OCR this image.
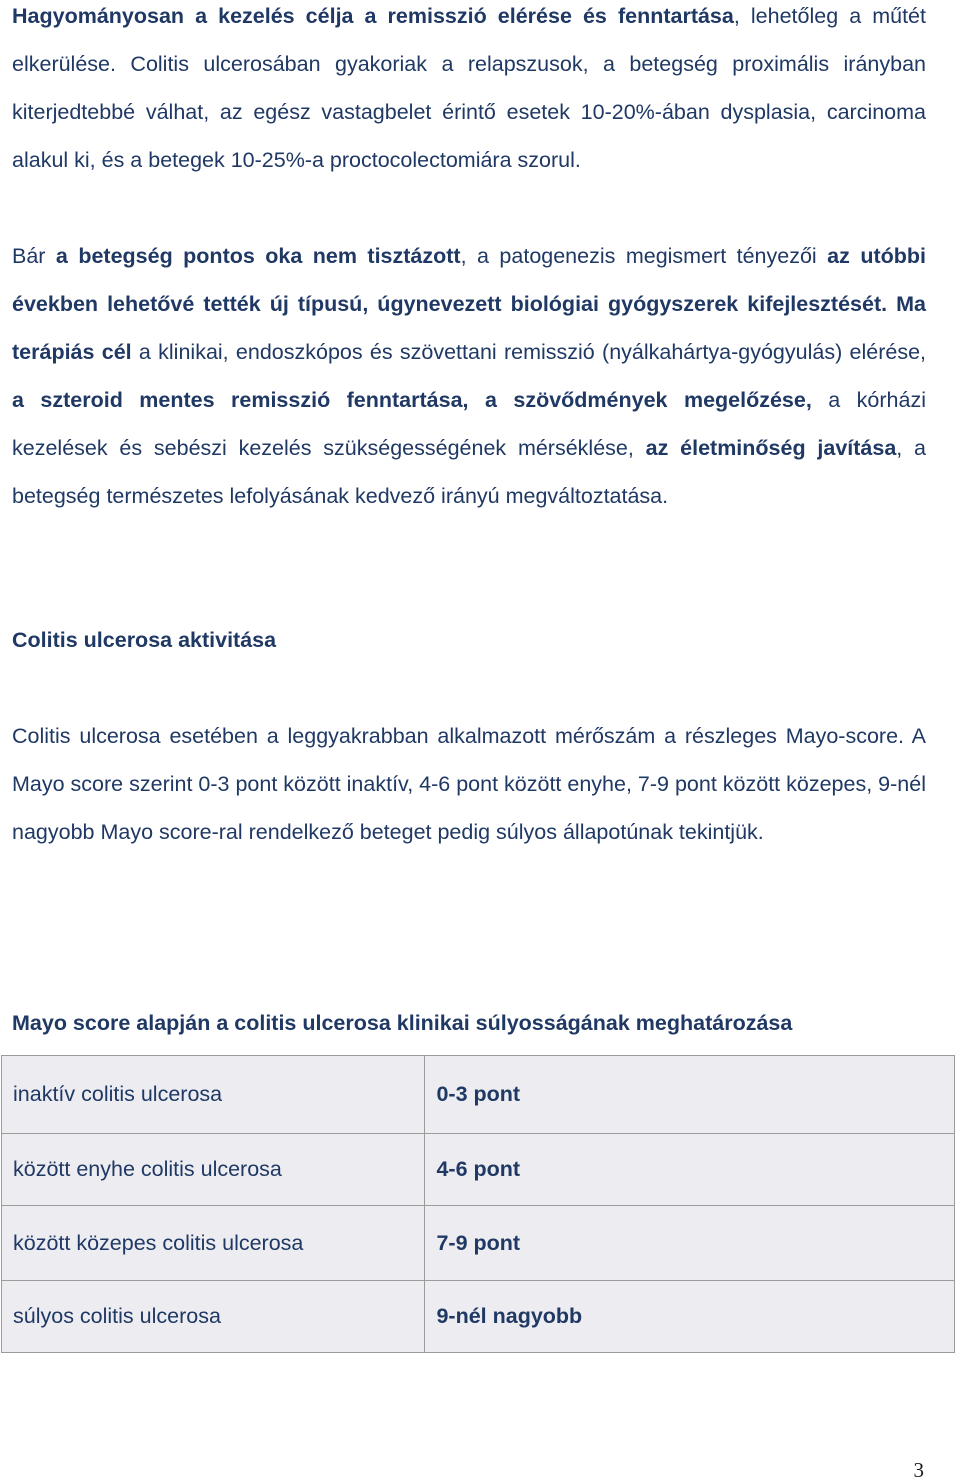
Hagyományosan a kezelés célja a remisszió elérése és fenntartása, lehetőleg a műtét elkerülése. Colitis ulcerosában gyakoriak a relapszusok, a betegség proximális irányban kiterjedtebbé válhat, az egész vastagbelet érintő esetek 10-20%-ában dysplasia, carcinoma alakul ki, és a betegek 10-25%-a proctocolectomiára szorul.
Bár a betegség pontos oka nem tisztázott, a patogenezis megismert tényezői az utóbbi években lehetővé tették új típusú, úgynevezett biológiai gyógyszerek kifejlesztését. Ma terápiás cél a klinikai, endoszkópos és szövettani remisszió (nyálkahártya-gyógyulás) elérése, a szteroid mentes remisszió fenntartása, a szövődmények megelőzése, a kórházi kezelések és sebészi kezelés szükségességének mérséklése, az életminőség javítása, a betegség természetes lefolyásának kedvező irányú megváltoztatása.
Colitis ulcerosa aktivitása
Colitis ulcerosa esetében a leggyakrabban alkalmazott mérőszám a részleges Mayo-score. A Mayo score szerint 0-3 pont között inaktív, 4-6 pont között enyhe, 7-9 pont között közepes, 9-nél nagyobb Mayo score-ral rendelkező beteget pedig súlyos állapotúnak tekintjük.
Mayo score alapján a colitis ulcerosa klinikai súlyosságának meghatározása
inaktív colitis ulcerosa	0-3 pont
között enyhe colitis ulcerosa	4-6 pont
között közepes colitis ulcerosa	7-9 pont
súlyos colitis ulcerosa	9-nél nagyobb
3
